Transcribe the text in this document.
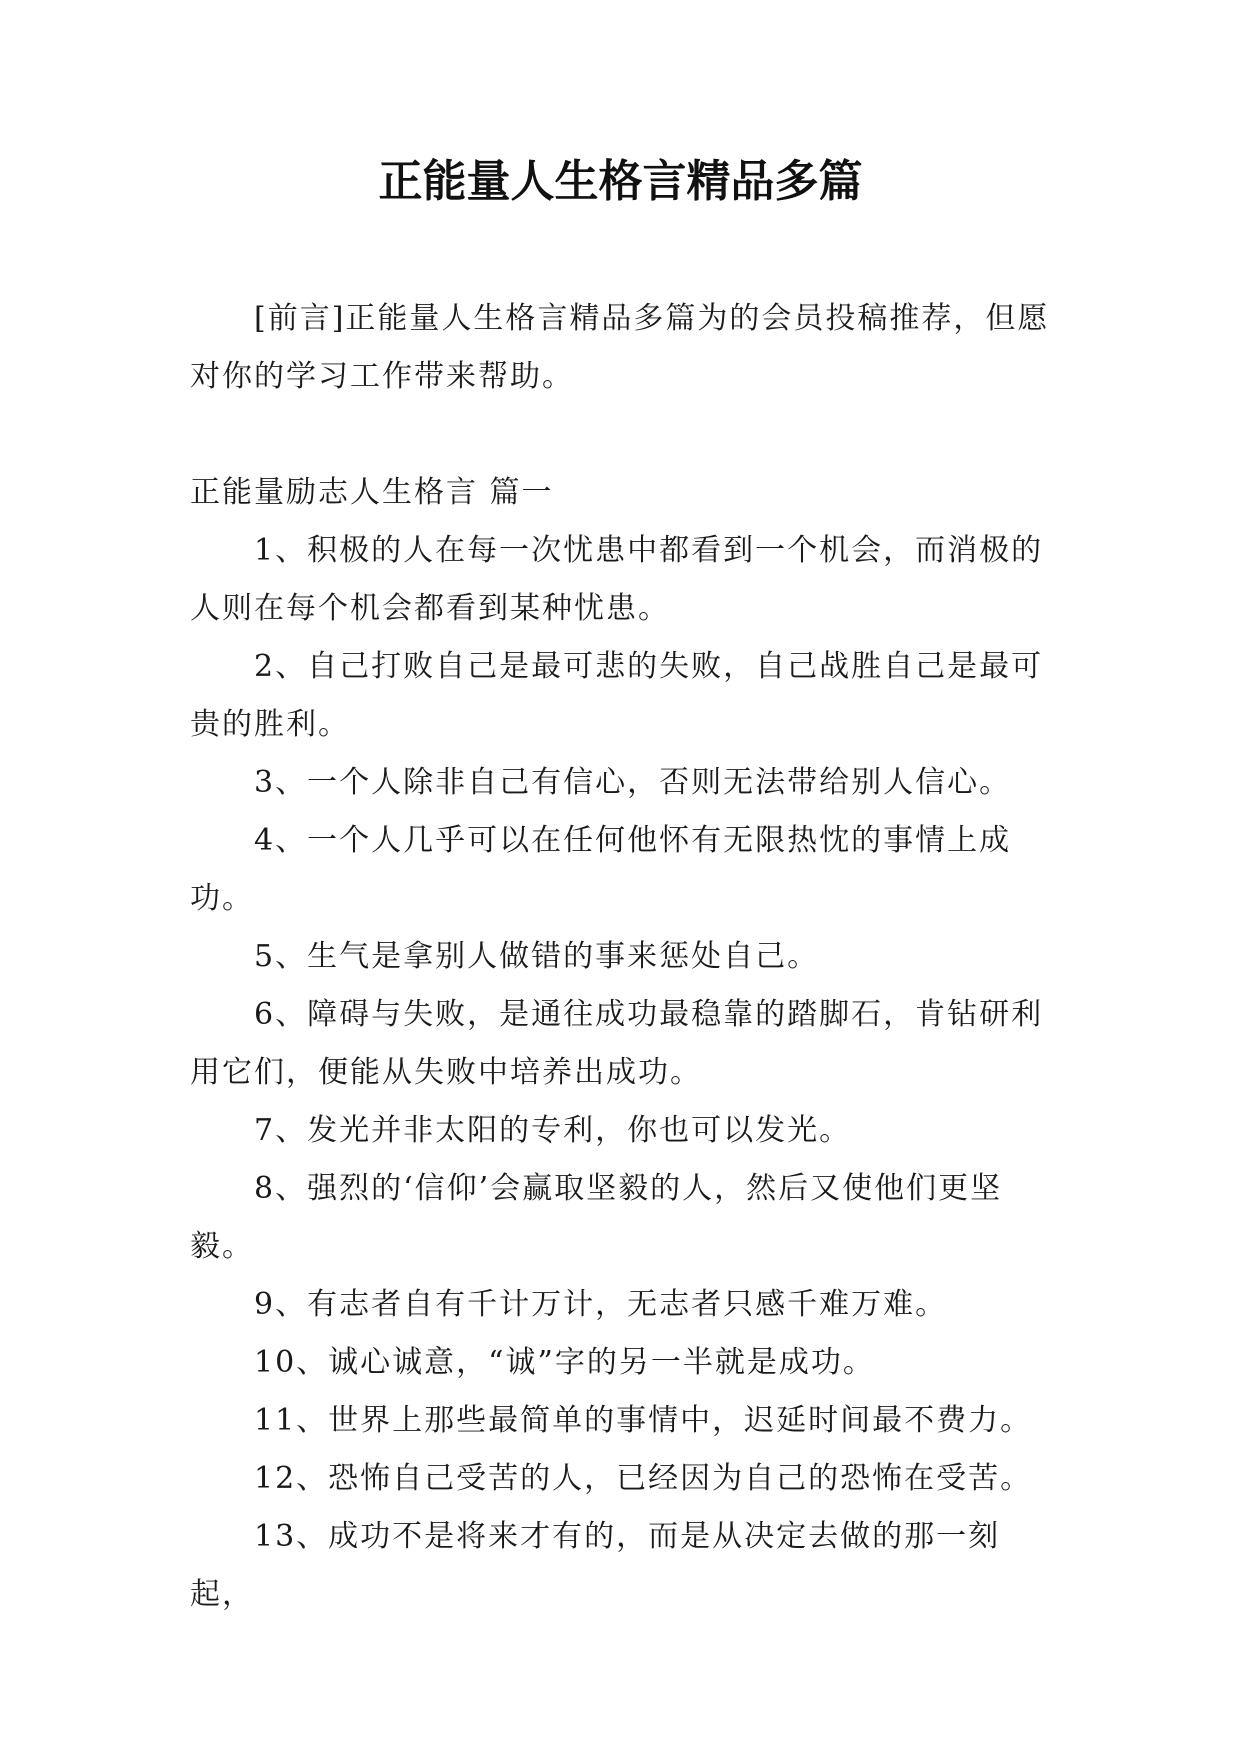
正能量人生格言精品多篇

[前言]正能量人生格言精品多篇为的会员投稿推荐，但愿对你的学习工作带来帮助。

正能量励志人生格言 篇一

1、积极的人在每一次忧患中都看到一个机会，而消极的人则在每个机会都看到某种忧患。

2、自己打败自己是最可悲的失败，自己战胜自己是最可贵的胜利。

3、一个人除非自己有信心，否则无法带给别人信心。

4、一个人几乎可以在任何他怀有无限热忱的事情上成功。

5、生气是拿别人做错的事来惩处自己。

6、障碍与失败，是通往成功最稳靠的踏脚石，肯钻研利用它们，便能从失败中培养出成功。

7、发光并非太阳的专利，你也可以发光。

8、强烈的‘信仰’会赢取坚毅的人，然后又使他们更坚毅。

9、有志者自有千计万计，无志者只感千难万难。

10、诚心诚意，“诚”字的另一半就是成功。

11、世界上那些最简单的事情中，迟延时间最不费力。

12、恐怖自己受苦的人，已经因为自己的恐怖在受苦。

13、成功不是将来才有的，而是从决定去做的那一刻起，
